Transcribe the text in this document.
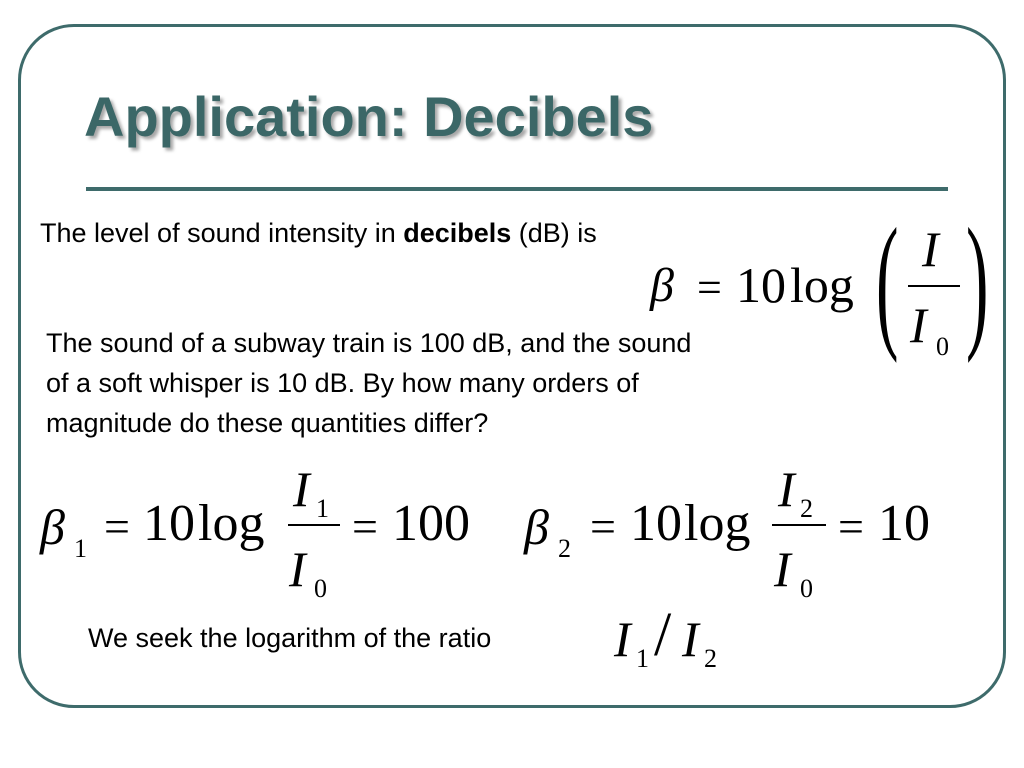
Application: Decibels
The level of sound intensity in decibels (dB) is
β = 10 log ( I
I 0 )
The sound of a subway train is 100 dB, and the sound
of a soft whisper is 10 dB. By how many orders of
magnitude do these quantities differ?
β 1 = 10 log
I 1
I 0
= 100 β 2 = 10 log
I 2
I 0
= 10
We seek the logarithm of the ratio I 1 / I 2
